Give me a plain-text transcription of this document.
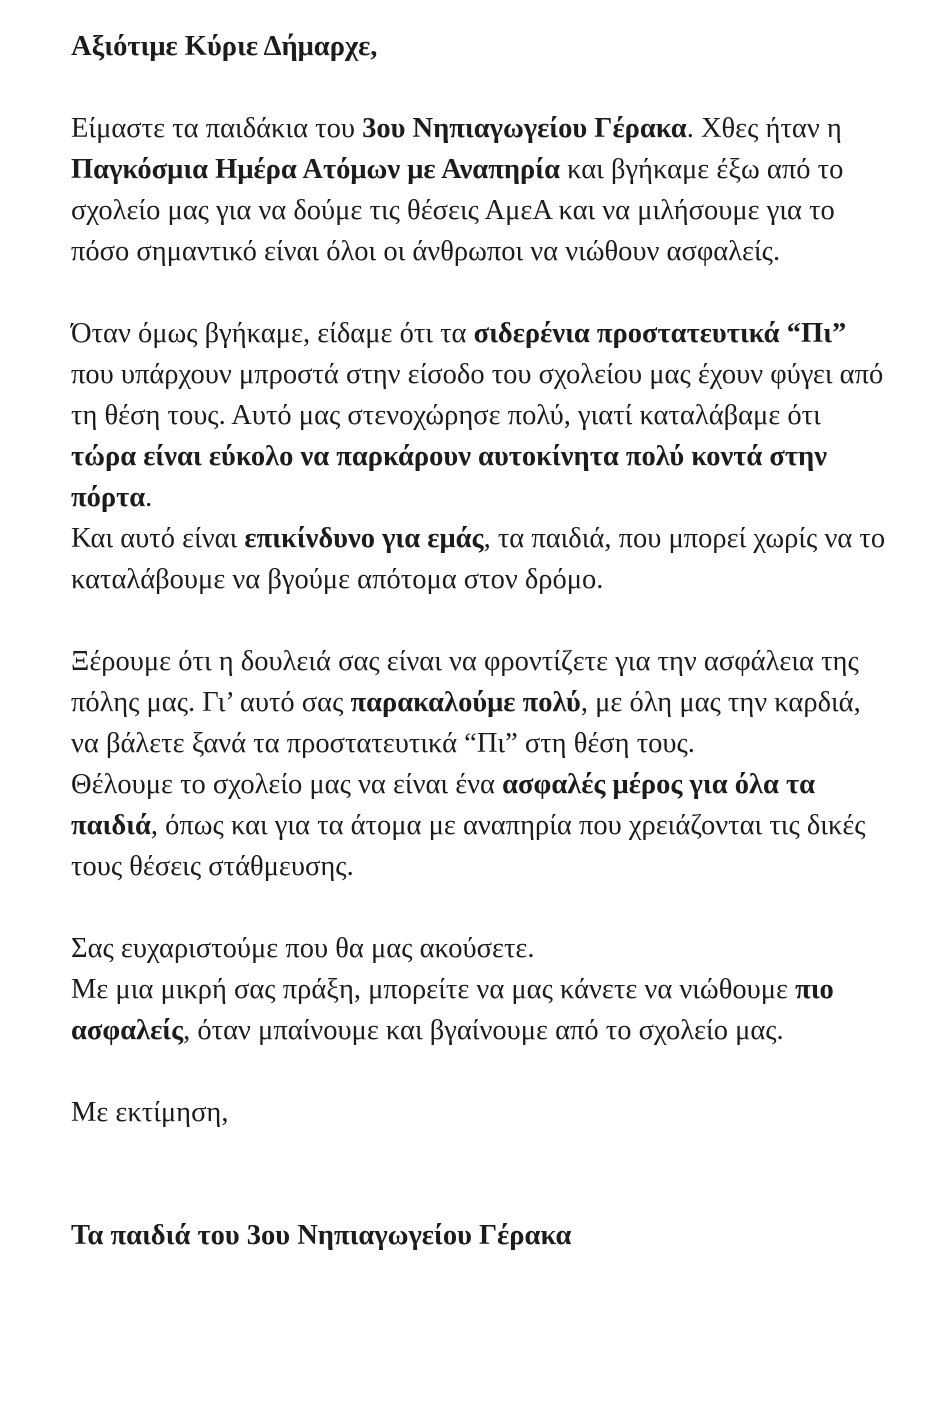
Αξιότιμε Κύριε Δήμαρχε,

Είμαστε τα παιδάκια του 3ου Νηπιαγωγείου Γέρακα. Χθες ήταν η Παγκόσμια Ημέρα Ατόμων με Αναπηρία και βγήκαμε έξω από το σχολείο μας για να δούμε τις θέσεις ΑμεΑ και να μιλήσουμε για το πόσο σημαντικό είναι όλοι οι άνθρωποι να νιώθουν ασφαλείς.

Όταν όμως βγήκαμε, είδαμε ότι τα σιδερένια προστατευτικά “Πι” που υπάρχουν μπροστά στην είσοδο του σχολείου μας έχουν φύγει από τη θέση τους. Αυτό μας στενοχώρησε πολύ, γιατί καταλάβαμε ότι τώρα είναι εύκολο να παρκάρουν αυτοκίνητα πολύ κοντά στην πόρτα.

Και αυτό είναι επικίνδυνο για εμάς, τα παιδιά, που μπορεί χωρίς να το καταλάβουμε να βγούμε απότομα στον δρόμο.

Ξέρουμε ότι η δουλειά σας είναι να φροντίζετε για την ασφάλεια της πόλης μας. Γι’ αυτό σας παρακαλούμε πολύ, με όλη μας την καρδιά, να βάλετε ξανά τα προστατευτικά “Πι” στη θέση τους.

Θέλουμε το σχολείο μας να είναι ένα ασφαλές μέρος για όλα τα παιδιά, όπως και για τα άτομα με αναπηρία που χρειάζονται τις δικές τους θέσεις στάθμευσης.

Σας ευχαριστούμε που θα μας ακούσετε.

Με μια μικρή σας πράξη, μπορείτε να μας κάνετε να νιώθουμε πιο ασφαλείς, όταν μπαίνουμε και βγαίνουμε από το σχολείο μας.

Με εκτίμηση,

Τα παιδιά του 3ου Νηπιαγωγείου Γέρακα
